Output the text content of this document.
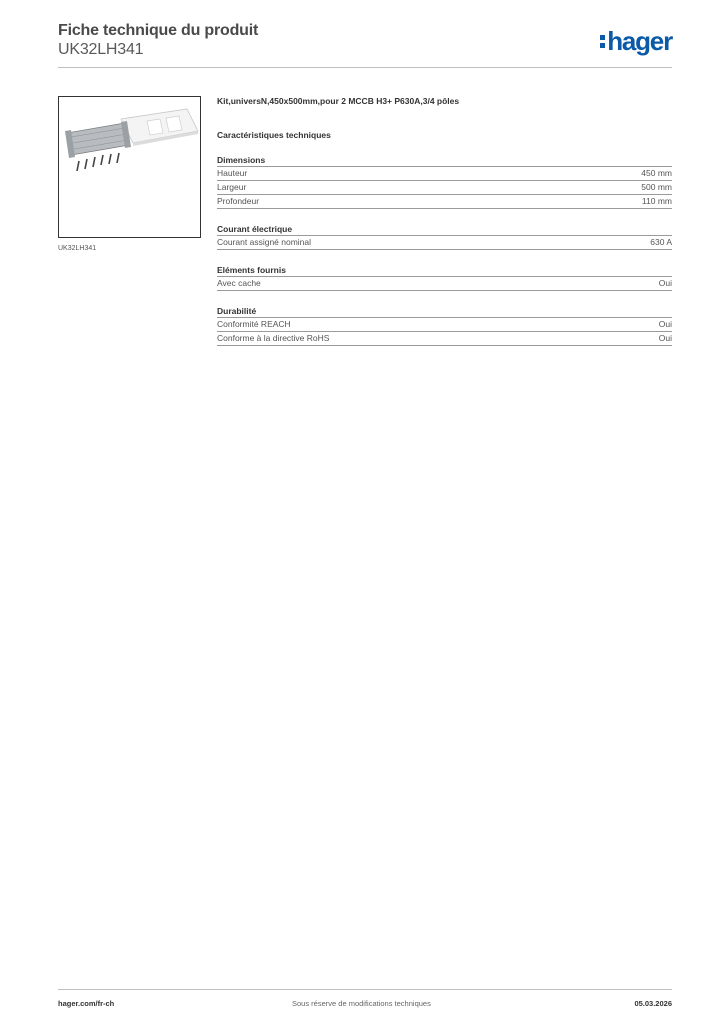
Fiche technique du produit
UK32LH341	hager
UK32LH341
Kit,universN,450x500mm,pour 2 MCCB H3+ P630A,3/4 pôles
Caractéristiques techniques
Dimensions
Hauteur	450 mm
Largeur	500 mm
Profondeur	110 mm
Courant électrique
Courant assigné nominal	630 A
Eléments fournis
Avec cache	Oui
Durabilité
Conformité REACH	Oui
Conforme à la directive RoHS	Oui
hager.com/fr-ch	Sous réserve de modifications techniques	05.03.2026
